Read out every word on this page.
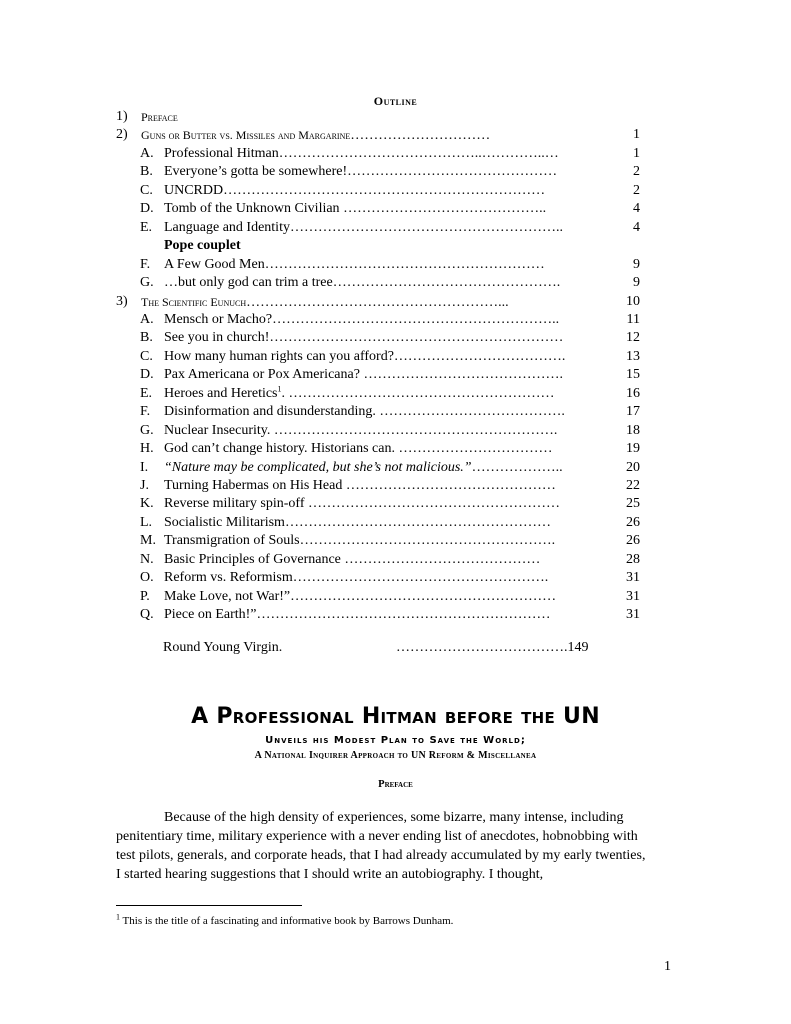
Outline
1) Preface
2) Guns or Butter vs. Missiles and Margarine…………………………	1
A. Professional Hitman……………………………………..…………..…	1
B. Everyone’s gotta be somewhere!………………………………………	2
C. UNCRDD……………………………………………………………	2
D. Tomb of the Unknown Civilian ……………………………………..	4
E. Language and Identity…………………………………………………..	4
Pope couplet
F. A Few Good Men……………………………………………………	9
G. …but only god can trim a tree………………………………………….	9
3) The Scientific Eunuch………………………………………………...	10
A. Mensch or Macho?……………………………………………………..	11
B. See you in church!………………………………………………………	12
C. How many human rights can you afford?……………………………….	13
D. Pax Americana or Pox Americana? …………………………………….	15
E. Heroes and Heretics$^1$. …………………………………………………	16
F. Disinformation and disunderstanding. ………………………………….	17
G. Nuclear Insecurity. …………………………………………………….	18
H. God can’t change history. Historians can. ……………………………	19
I. “Nature may be complicated, but she’s not malicious.”………………..	20
J. Turning Habermas on His Head ………………………………………	22
K. Reverse military spin-off ………………………………………………	25
L. Socialistic Militarism…………………………………………………	26
M. Transmigration of Souls……………………………………………….	26
N. Basic Principles of Governance ……………………………………	28
O. Reform vs. Reformism……………………………………………….	31
P. Make Love, not War!”…………………………………………………	31
Q. Piece on Earth!”………………………………………………………	31
Round Young Virgin.	……………………………….149
A Professional Hitman before the UN
Unveils his Modest Plan to Save the World;
A National Inquirer Approach to UN Reform & Miscellanea
Preface

Because of the high density of experiences, some bizarre, many intense, including penitentiary time, military experience with a never ending list of anecdotes, hobnobbing with test pilots, generals, and corporate heads, that I had already accumulated by my early twenties, I started hearing suggestions that I should write an autobiography. I thought,

$^1$ This is the title of a fascinating and informative book by Barrows Dunham.
1
